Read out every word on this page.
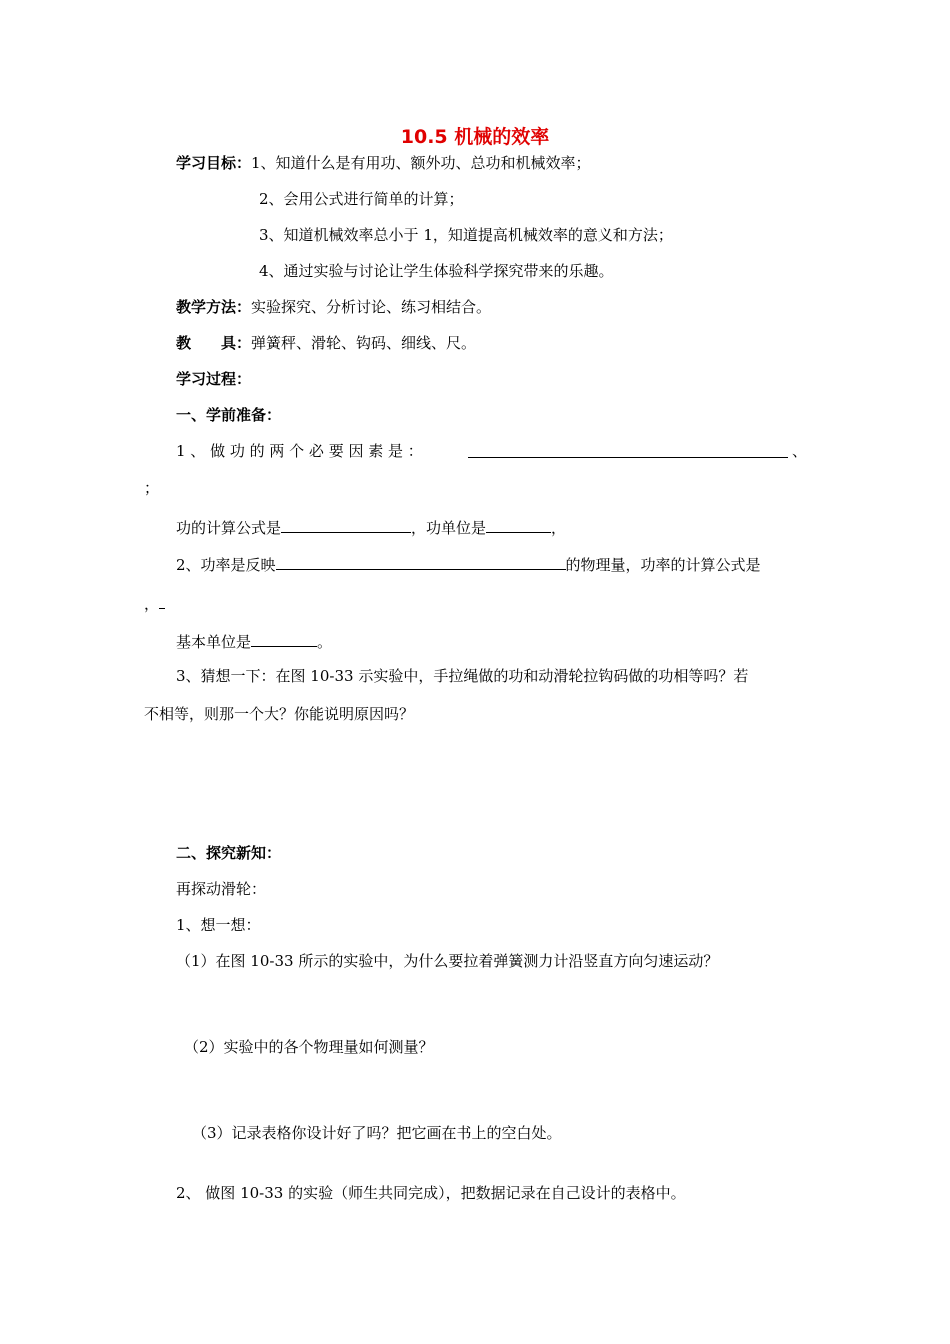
10.5 机械的效率
学习目标：1、知道什么是有用功、额外功、总功和机械效率；
2、会用公式进行简单的计算；
3、知道机械效率总小于 1，知道提高机械效率的意义和方法；
4、通过实验与讨论让学生体验科学探究带来的乐趣。
教学方法：实验探究、分析讨论、练习相结合。
教　　具：弹簧秤、滑轮、钩码、细线、尺。
学习过程：
一、学前准备：
1 、 做 功 的 两 个 必 要 因 素 是 ：	、
；
功的计算公式是	，功单位是	，
2、功率是反映	的物理量，功率的计算公式是
，
基本单位是	。
3、猜想一下：在图 10-33 示实验中，手拉绳做的功和动滑轮拉钩码做的功相等吗？若
不相等，则那一个大？你能说明原因吗？
二、探究新知：
再探动滑轮：
1、想一想：
（1）在图 10-33 所示的实验中，为什么要拉着弹簧测力计沿竖直方向匀速运动？
（2）实验中的各个物理量如何测量？
（3）记录表格你设计好了吗？把它画在书上的空白处。
2、 做图 10-33 的实验（师生共同完成），把数据记录在自己设计的表格中。
